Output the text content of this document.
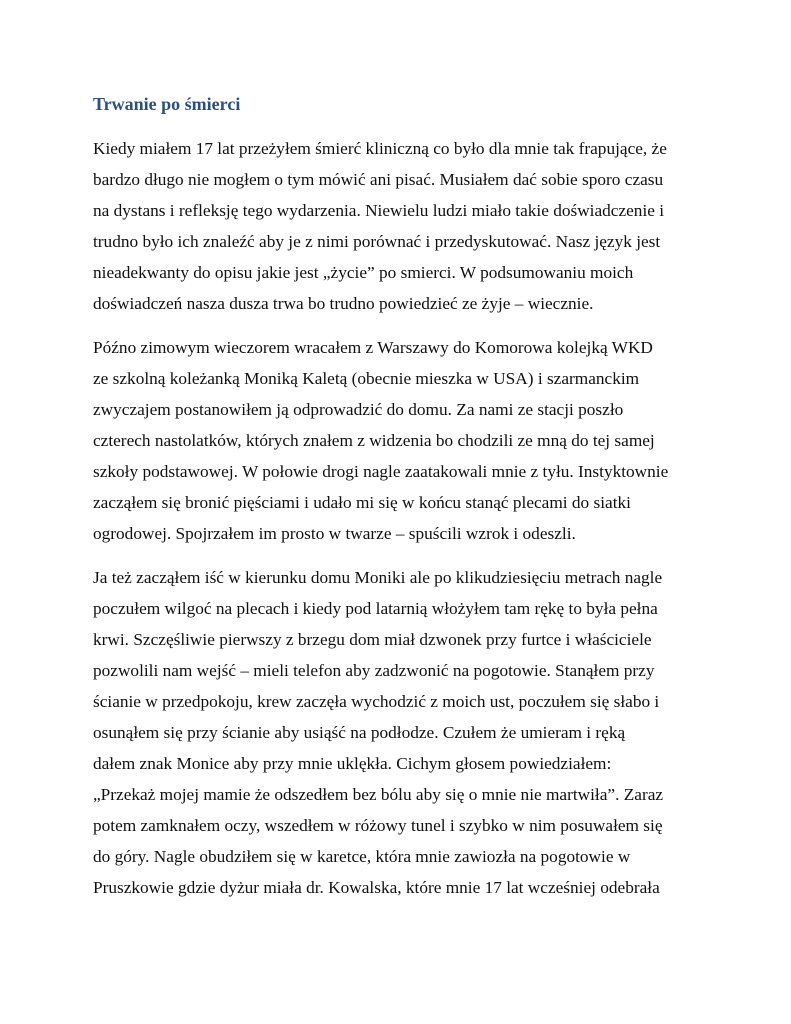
Trwanie po śmierci
Kiedy miałem 17 lat przeżyłem śmierć kliniczną co było dla mnie tak frapujące, że
bardzo długo nie mogłem o tym mówić ani pisać. Musiałem dać sobie sporo czasu
na dystans i refleksję tego wydarzenia. Niewielu ludzi miało takie doświadczenie i
trudno było ich znaleźć aby je z nimi porównać i przedyskutować. Nasz język jest
nieadekwanty do opisu jakie jest „życie” po smierci. W podsumowaniu moich
doświadczeń nasza dusza trwa bo trudno powiedzieć ze żyje – wiecznie.
Późno zimowym wieczorem wracałem z Warszawy do Komorowa kolejką WKD
ze szkolną koleżanką Moniką Kaletą (obecnie mieszka w USA) i szarmanckim
zwyczajem postanowiłem ją odprowadzić do domu. Za nami ze stacji poszło
czterech nastolatków, których znałem z widzenia bo chodzili ze mną do tej samej
szkoły podstawowej. W połowie drogi nagle zaatakowali mnie z tyłu. Instyktownie
zacząłem się bronić pięściami i udało mi się w końcu stanąć plecami do siatki
ogrodowej. Spojrzałem im prosto w twarze – spuścili wzrok i odeszli.
Ja też zacząłem iść w kierunku domu Moniki ale po klikudziesięciu metrach nagle
poczułem wilgoć na plecach i kiedy pod latarnią włożyłem tam rękę to była pełna
krwi. Szczęśliwie pierwszy z brzegu dom miał dzwonek przy furtce i właściciele
pozwolili nam wejść – mieli telefon aby zadzwonić na pogotowie. Stanąłem przy
ścianie w przedpokoju, krew zaczęła wychodzić z moich ust, poczułem się słabo i
osunąłem się przy ścianie aby usiąść na podłodze. Czułem że umieram i ręką
dałem znak Monice aby przy mnie uklękła. Cichym głosem powiedziałem:
„Przekaż mojej mamie że odszedłem bez bólu aby się o mnie nie martwiła”. Zaraz
potem zamknałem oczy, wszedłem w różowy tunel i szybko w nim posuwałem się
do góry. Nagle obudziłem się w karetce, która mnie zawiozła na pogotowie w
Pruszkowie gdzie dyżur miała dr. Kowalska, które mnie 17 lat wcześniej odebrała
